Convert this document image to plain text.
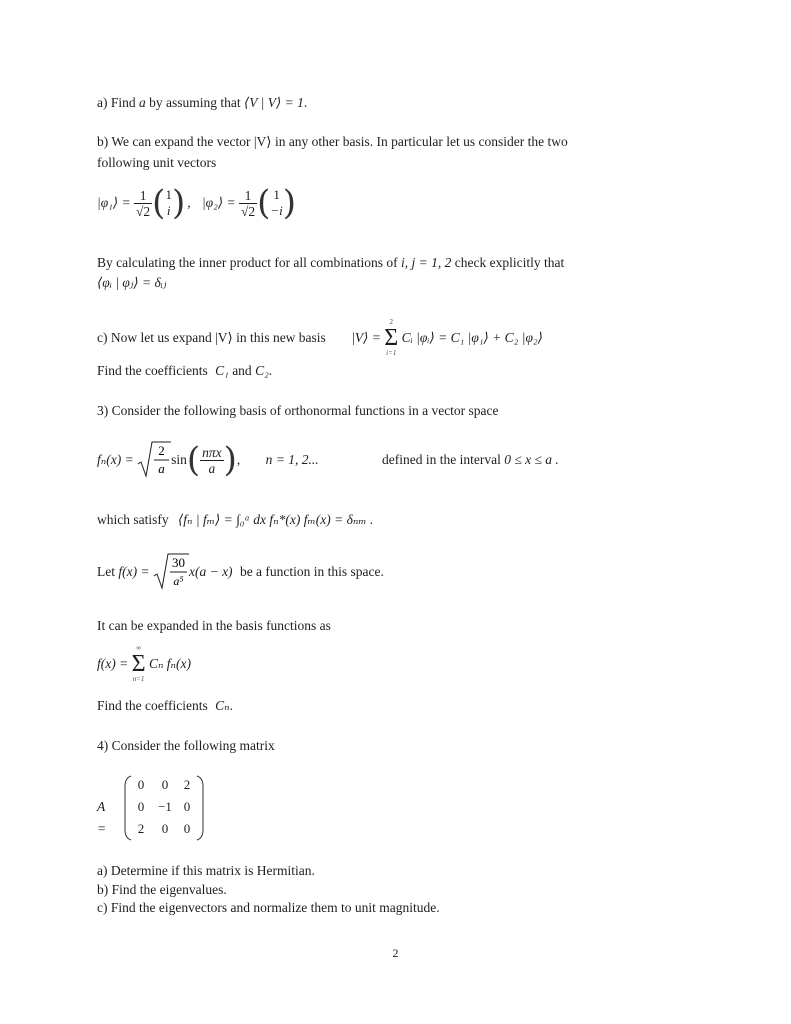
a) Find a by assuming that ⟨V | V⟩ = 1.
b) We can expand the vector |V⟩ in any other basis. In particular let us consider the two
following unit vectors
|φ₁⟩ = $\frac{1}{√2}$ ( 1
i ) , |φ₂⟩ = $\frac{1}{√2}$ ( 1
−i )
By calculating the inner product for all combinations of i, j = 1, 2 check explicitly that
⟨φᵢ | φⱼ⟩ = δᵢⱼ
c) Now let us expand |V⟩ in this new basis |V⟩ =
2
Σ
i=1
Cᵢ |φᵢ⟩ = C₁ |φ₁⟩ + C₂ |φ₂⟩
Find the coefficients C₁ and C₂.
3) Consider the following basis of orthonormal functions in a vector space
fₙ(x) =
2
a
$\sin( \frac{\text{nπx}}{a}$ ), n = 1, 2...	defined in the interval 0 ≤ x ≤ a .
which satisfy ⟨fₙ | fₘ⟩ = ∫₀ᵃ dx fₙ*(x) fₘ(x) = δₙₘ .
Let f(x) =
30
a⁵
x(a − x) be a function in this space.
It can be expanded in the basis functions as
f(x) =
∞
Σ
n=1
Cₙ fₙ(x)
Find the coefficients Cₙ.
4) Consider the following matrix
A =
0	0	2
0	−1 0
2	0	0
a) Determine if this matrix is Hermitian.
b) Find the eigenvalues.
c) Find the eigenvectors and normalize them to unit magnitude.
2
